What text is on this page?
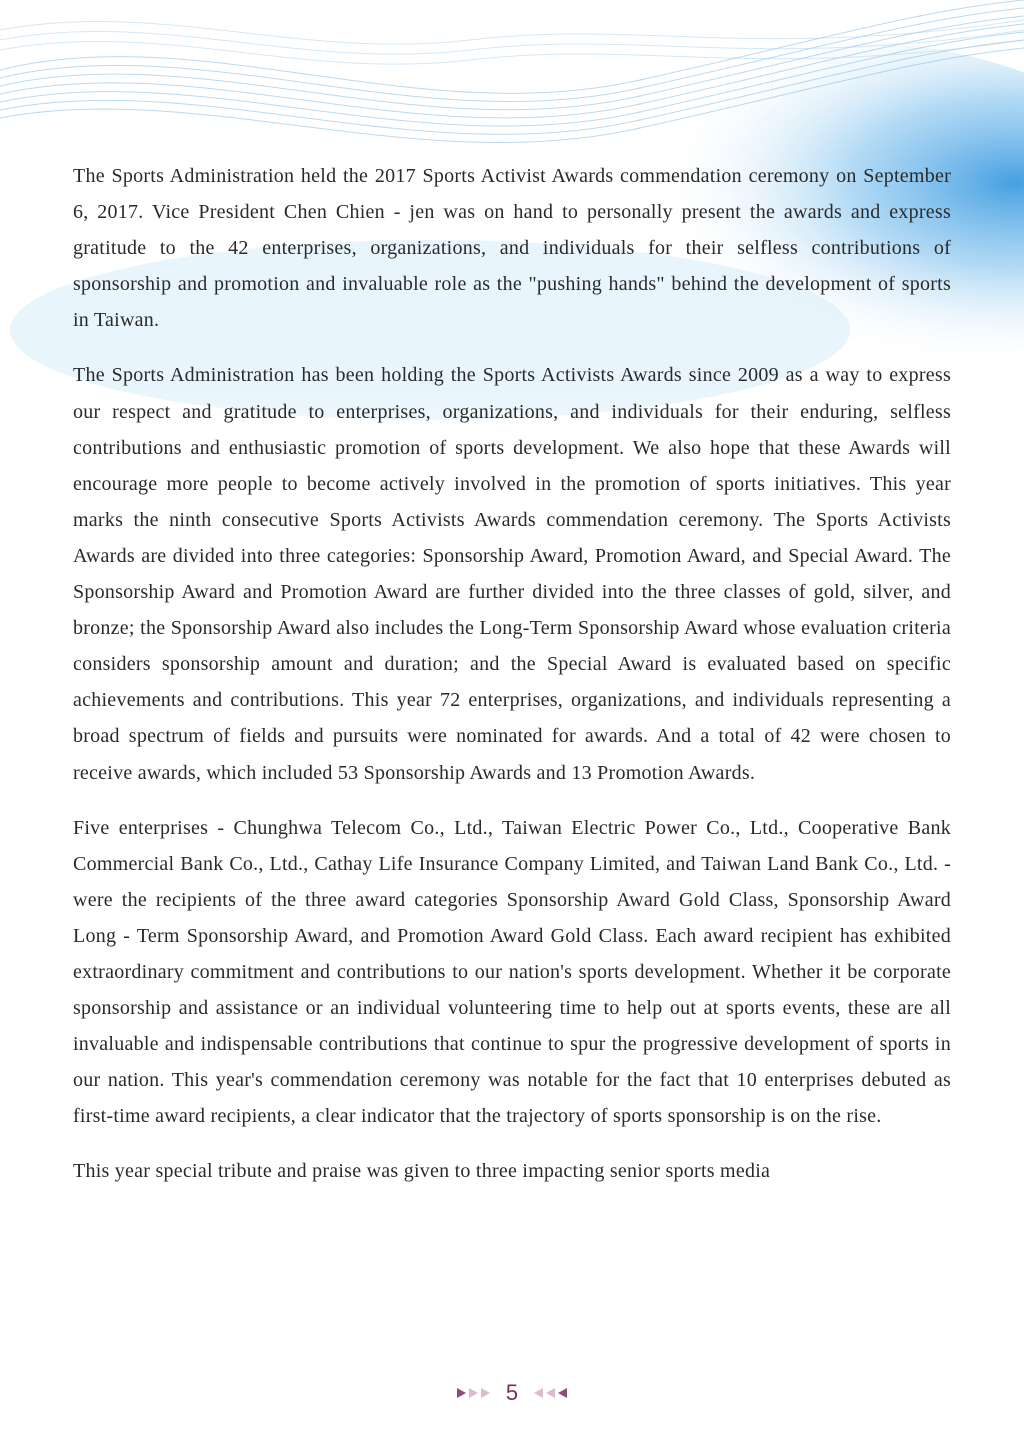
The Sports Administration held the 2017 Sports Activist Awards commendation ceremony on September 6, 2017. Vice President Chen Chien - jen was on hand to personally present the awards and express gratitude to the 42 enterprises, organizations, and individuals for their selfless contributions of sponsorship and promotion and invaluable role as the "pushing hands" behind the development of sports in Taiwan.

The Sports Administration has been holding the Sports Activists Awards since 2009 as a way to express our respect and gratitude to enterprises, organizations, and individuals for their enduring, selfless contributions and enthusiastic promotion of sports development. We also hope that these Awards will encourage more people to become actively involved in the promotion of sports initiatives. This year marks the ninth consecutive Sports Activists Awards commendation ceremony. The Sports Activists Awards are divided into three categories: Sponsorship Award, Promotion Award, and Special Award. The Sponsorship Award and Promotion Award are further divided into the three classes of gold, silver, and bronze; the Sponsorship Award also includes the Long-Term Sponsorship Award whose evaluation criteria considers sponsorship amount and duration; and the Special Award is evaluated based on specific achievements and contributions. This year 72 enterprises, organizations, and individuals representing a broad spectrum of fields and pursuits were nominated for awards. And a total of 42 were chosen to receive awards, which included 53 Sponsorship Awards and 13 Promotion Awards.

Five enterprises - Chunghwa Telecom Co., Ltd., Taiwan Electric Power Co., Ltd., Cooperative Bank Commercial Bank Co., Ltd., Cathay Life Insurance Company Limited, and Taiwan Land Bank Co., Ltd. - were the recipients of the three award categories Sponsorship Award Gold Class, Sponsorship Award Long - Term Sponsorship Award, and Promotion Award Gold Class. Each award recipient has exhibited extraordinary commitment and contributions to our nation's sports development. Whether it be corporate sponsorship and assistance or an individual volunteering time to help out at sports events, these are all invaluable and indispensable contributions that continue to spur the progressive development of sports in our nation. This year's commendation ceremony was notable for the fact that 10 enterprises debuted as first-time award recipients, a clear indicator that the trajectory of sports sponsorship is on the rise.

This year special tribute and praise was given to three impacting senior sports media

5
